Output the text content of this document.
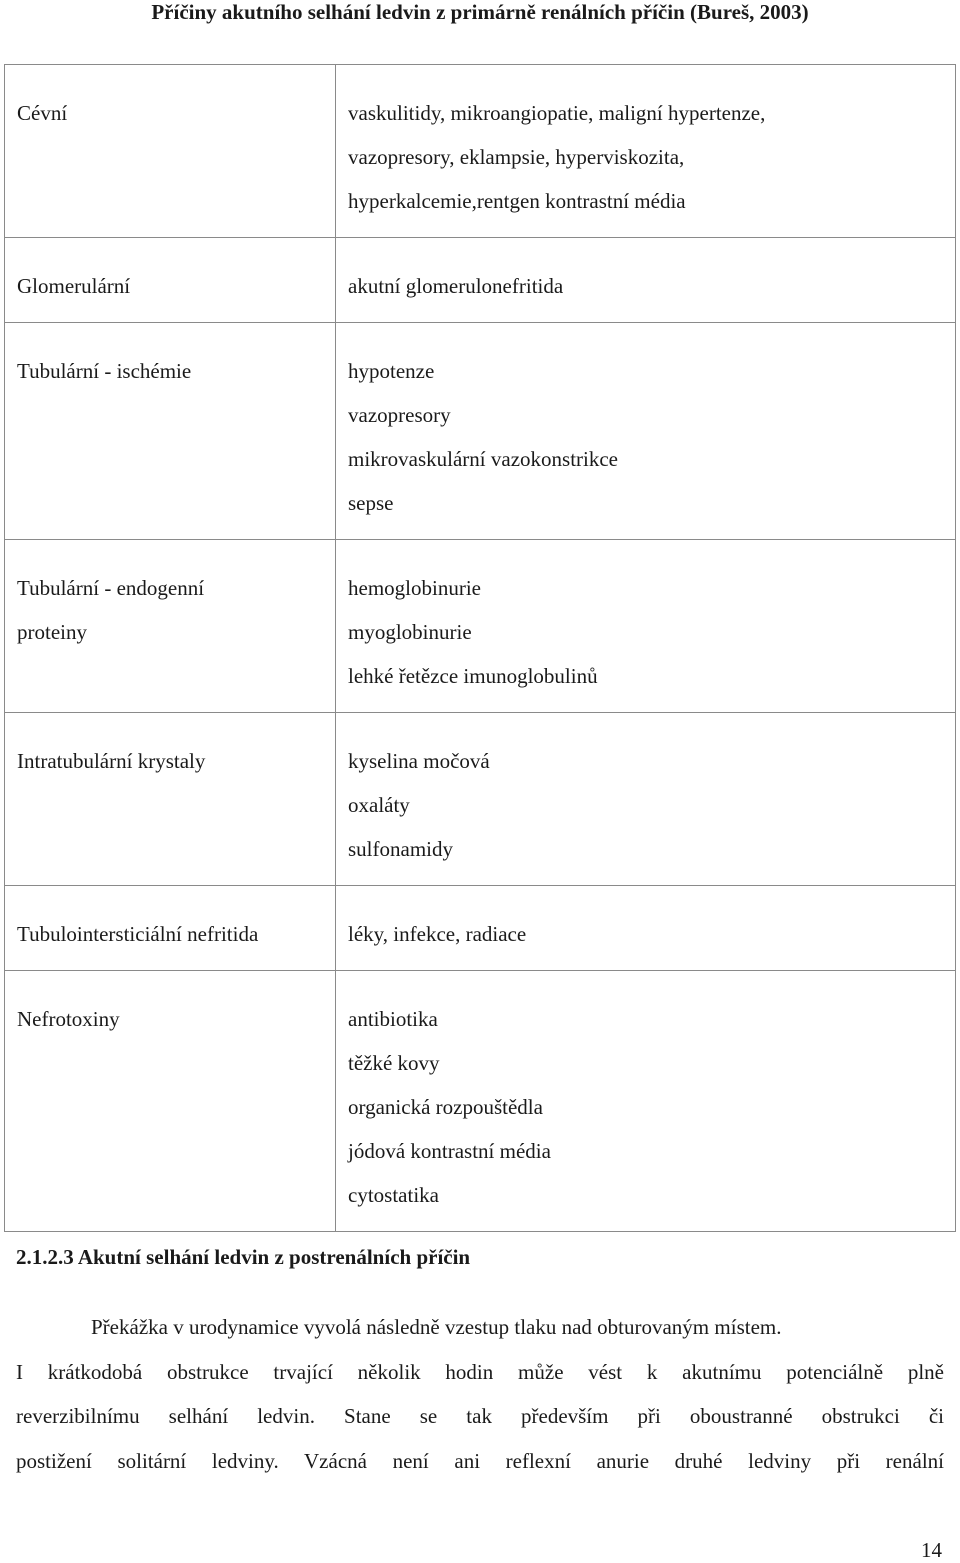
Příčiny akutního selhání ledvin z primárně renálních příčin (Bureš, 2003)
Cévní	vaskulitidy, mikroangiopatie, maligní hypertenze,
vazopresory, eklampsie, hyperviskozita,
hyperkalcemie,rentgen kontrastní média

Glomerulární	akutní glomerulonefritida

Tubulární - ischémie	hypotenze
vazopresory
mikrovaskulární vazokonstrikce
sepse

Tubulární - endogenní
proteiny	hemoglobinurie
myoglobinurie
lehké řetězce imunoglobulinů

Intratubulární krystaly	kyselina močová
oxaláty
sulfonamidy

Tubulointersticiální nefritida	léky, infekce, radiace

Nefrotoxiny	antibiotika
těžké kovy
organická rozpouštědla
jódová kontrastní média
cytostatika
2.1.2.3 Akutní selhání ledvin z postrenálních příčin

Překážka v urodynamice vyvolá následně vzestup tlaku nad obturovaným místem.

I krátkodobá obstrukce trvající několik hodin může vést k akutnímu potenciálně plně

reverzibilnímu selhání ledvin. Stane se tak především při oboustranné obstrukci či

postižení solitární ledviny. Vzácná není ani reflexní anurie druhé ledviny při renální

14
